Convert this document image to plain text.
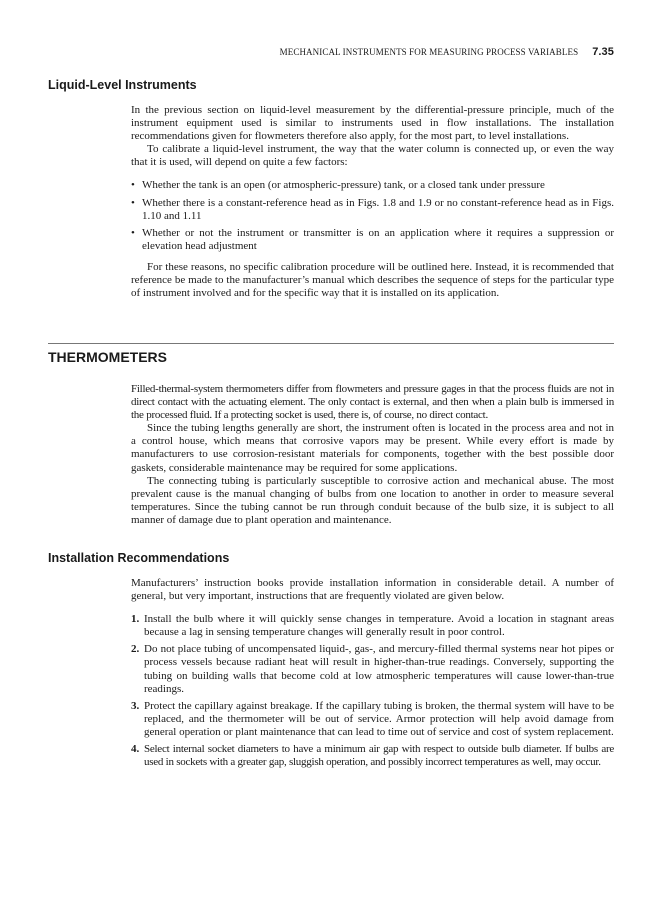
MECHANICAL INSTRUMENTS FOR MEASURING PROCESS VARIABLES 7.35
Liquid-Level Instruments

In the previous section on liquid-level measurement by the differential-pressure principle, much of the instrument equipment used is similar to instruments used in flow installations. The installation recommendations given for flowmeters therefore also apply, for the most part, to level installations.

To calibrate a liquid-level instrument, the way that the water column is connected up, or even the way that it is used, will depend on quite a few factors:

• Whether the tank is an open (or atmospheric-pressure) tank, or a closed tank under pressure
• Whether there is a constant-reference head as in Figs. 1.8 and 1.9 or no constant-reference head as in Figs. 1.10 and 1.11
• Whether or not the instrument or transmitter is on an application where it requires a suppression or elevation head adjustment

For these reasons, no specific calibration procedure will be outlined here. Instead, it is recommended that reference be made to the manufacturer’s manual which describes the sequence of steps for the particular type of instrument involved and for the specific way that it is installed on its application.

THERMOMETERS

Filled-thermal-system thermometers differ from flowmeters and pressure gages in that the process fluids are not in direct contact with the actuating element. The only contact is external, and then when a plain bulb is immersed in the processed fluid. If a protecting socket is used, there is, of course, no direct contact.

Since the tubing lengths generally are short, the instrument often is located in the process area and not in a control house, which means that corrosive vapors may be present. While every effort is made by manufacturers to use corrosion-resistant materials for components, together with the best possible door gaskets, considerable maintenance may be required for some applications.

The connecting tubing is particularly susceptible to corrosive action and mechanical abuse. The most prevalent cause is the manual changing of bulbs from one location to another in order to measure several temperatures. Since the tubing cannot be run through conduit because of the bulb size, it is subject to all manner of damage due to plant operation and maintenance.

Installation Recommendations

Manufacturers’ instruction books provide installation information in considerable detail. A number of general, but very important, instructions that are frequently violated are given below.

1. Install the bulb where it will quickly sense changes in temperature. Avoid a location in stagnant areas because a lag in sensing temperature changes will generally result in poor control.
2. Do not place tubing of uncompensated liquid-, gas-, and mercury-filled thermal systems near hot pipes or process vessels because radiant heat will result in higher-than-true readings. Conversely, supporting the tubing on building walls that become cold at low atmospheric temperatures will cause lower-than-true readings.
3. Protect the capillary against breakage. If the capillary tubing is broken, the thermal system will have to be replaced, and the thermometer will be out of service. Armor protection will help avoid damage from general operation or plant maintenance that can lead to time out of service and cost of system replacement.
4. Select internal socket diameters to have a minimum air gap with respect to outside bulb diameter. If bulbs are used in sockets with a greater gap, sluggish operation, and possibly incorrect temperatures as well, may occur.
